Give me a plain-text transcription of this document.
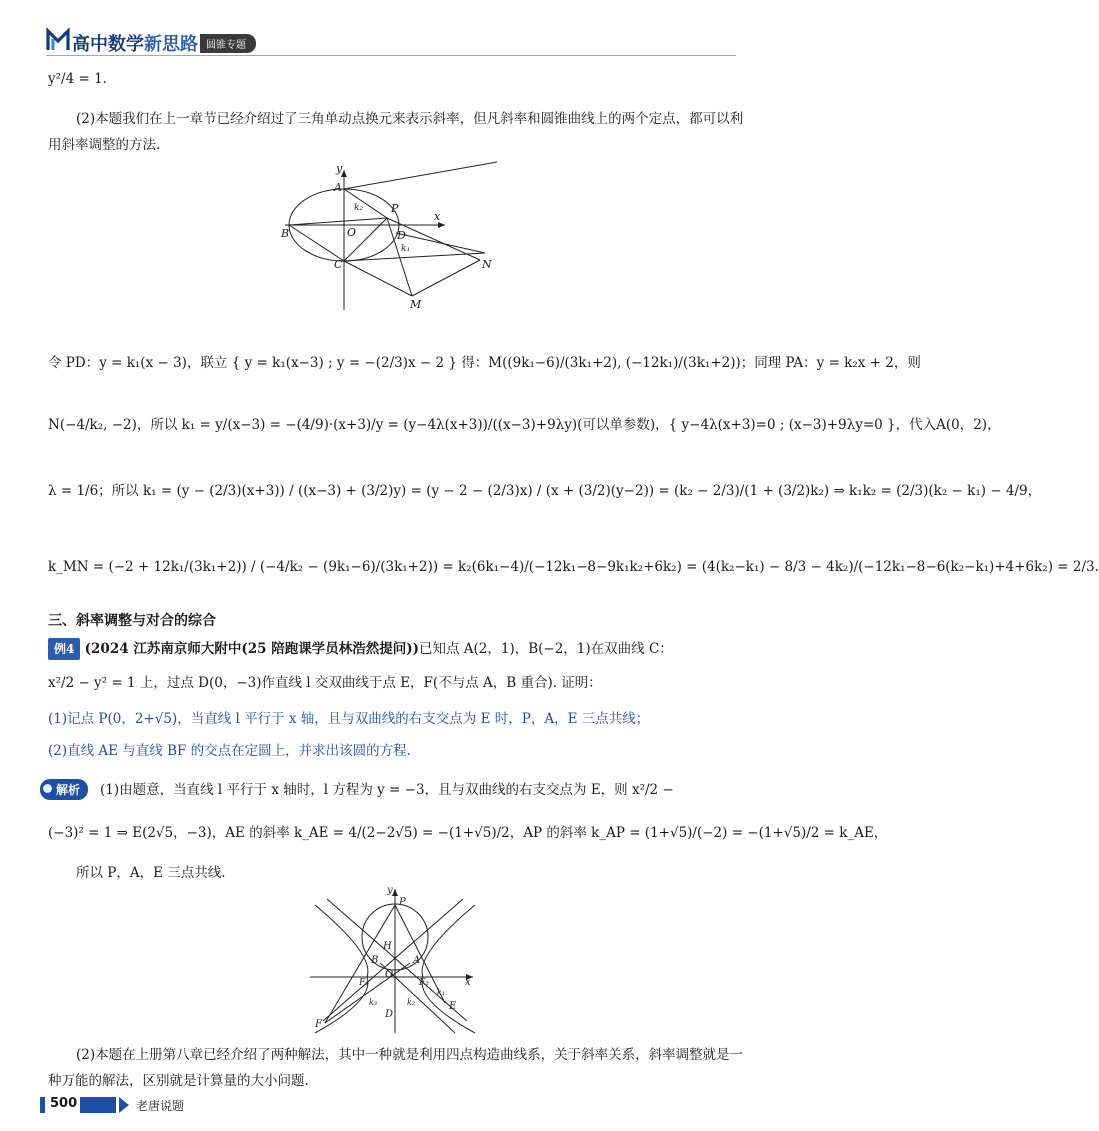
高中数学新思路 圆锥专题
y²/4 = 1.
(2)本题我们在上一章节已经介绍过了三角单动点换元来表示斜率，但凡斜率和圆锥曲线上的两个定点，都可以利用斜率调整的方法.
y
x
A
B
C
D
O
P
M
N
k₁
k₂
令 PD：y = k₁(x − 3)，联立 { y = k₁(x−3) ; y = −(2/3)x − 2 } 得：M((9k₁−6)/(3k₁+2), (−12k₁)/(3k₁+2))；同理 PA：y = k₂x + 2，则
N(−4/k₂, −2)，所以 k₁ = y/(x−3) = −(4/9)·(x+3)/y = (y−4λ(x+3))/((x−3)+9λy)(可以单参数)，{ y−4λ(x+3)=0 ; (x−3)+9λy=0 }，代入A(0，2)，
λ = 1/6；所以 k₁ = (y − (2/3)(x+3)) / ((x−3) + (3/2)y) = (y − 2 − (2/3)x) / (x + (3/2)(y−2)) = (k₂ − 2/3)/(1 + (3/2)k₂) ⇒ k₁k₂ = (2/3)(k₂ − k₁) − 4/9，
k_MN = (−2 + 12k₁/(3k₁+2)) / (−4/k₂ − (9k₁−6)/(3k₁+2)) = k₂(6k₁−4)/(−12k₁−8−9k₁k₂+6k₂) = (4(k₂−k₁) − 8/3 − 4k₂)/(−12k₁−8−6(k₂−k₁)+4+6k₂) = 2/3.
三、斜率调整与对合的综合
例4 (2024 江苏南京师大附中(25 陪跑课学员林浩然提问))已知点 A(2，1)，B(−2，1)在双曲线 C：
x²/2 − y² = 1 上，过点 D(0，−3)作直线 l 交双曲线于点 E，F(不与点 A，B 重合). 证明：
(1)记点 P(0，2+√5)，当直线 l 平行于 x 轴，且与双曲线的右支交点为 E 时，P，A，E 三点共线；
(2)直线 AE 与直线 BF 的交点在定圆上，并求出该圆的方程.
解析	(1)由题意，当直线 l 平行于 x 轴时，l 方程为 y = −3，且与双曲线的右支交点为 E，则 x²/2 −
(−3)² = 1 ⇒ E(2√5，−3)，AE 的斜率 k_AE = 4/(2−2√5) = −(1+√5)/2，AP 的斜率 k_AP = (1+√5)/(−2) = −(1+√5)/2 = k_AE，
所以 P，A，E 三点共线.
y
x
P
H
A
B
O
F₁	F₂
k₁
k₂
k₃
D
E
F
(2)本题在上册第八章已经介绍了两种解法，其中一种就是利用四点构造曲线系，关于斜率关系，斜率调整就是一种万能的解法，区别就是计算量的大小问题.
500	老唐说题
